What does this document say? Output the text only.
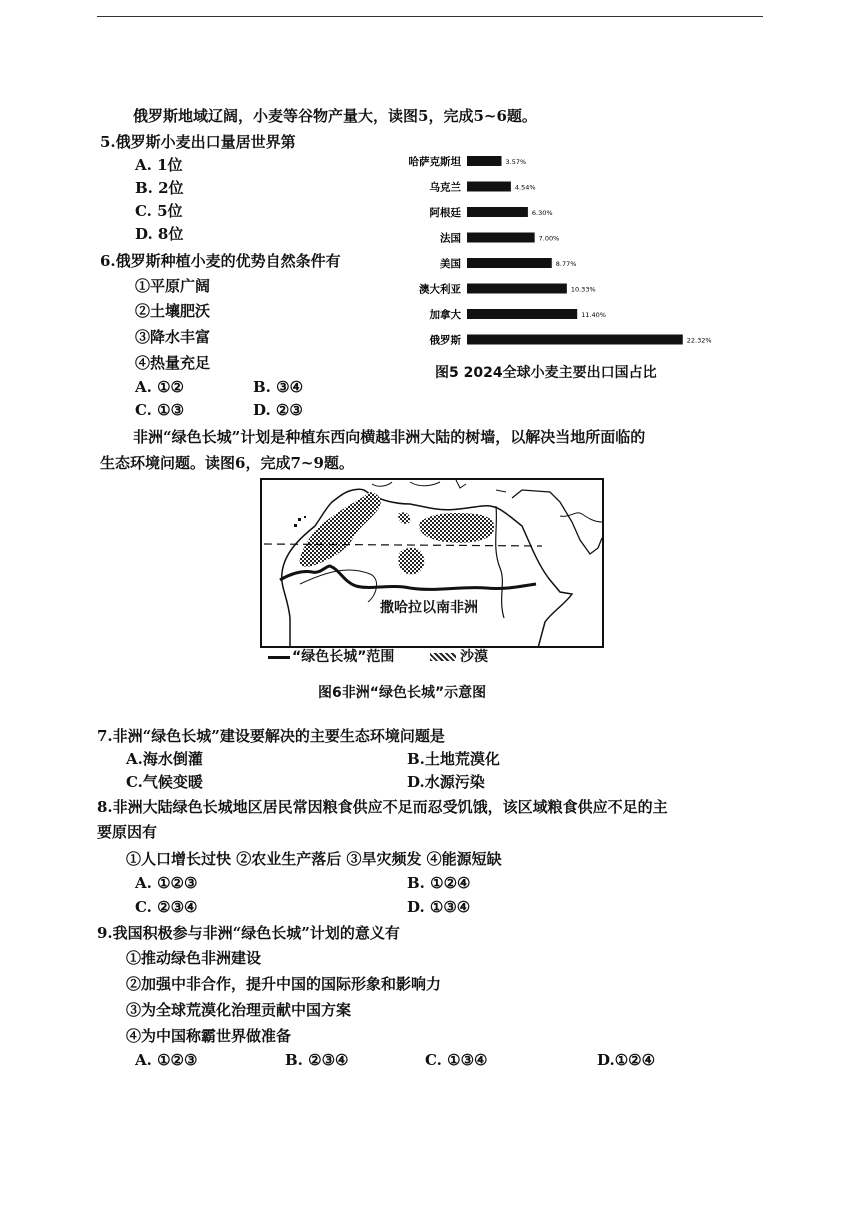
俄罗斯地域辽阔，小麦等谷物产量大，读图5，完成5~6题。
5.俄罗斯小麦出口量居世界第
A. 1位
B. 2位
C. 5位
D. 8位
6.俄罗斯种植小麦的优势自然条件有
①平原广阔
②土壤肥沃
③降水丰富
④热量充足
A. ①②	B. ③④
C. ①③	D. ②③
哈萨克斯坦	3.57%
乌克兰	4.54%
阿根廷	6.30%
法国	7.00%
美国	8.77%
澳大利亚	10.33%
加拿大	11.40%
俄罗斯	22.32%
图5 2024全球小麦主要出口国占比
非洲“绿色长城”计划是种植东西向横越非洲大陆的树墙，以解决当地所面临的
生态环境问题。读图6，完成7~9题。
撒哈拉以南非洲
“绿色长城”范围	沙漠
图6非洲“绿色长城”示意图
7.非洲“绿色长城”建设要解决的主要生态环境问题是
A.海水倒灌	B.土地荒漠化
C.气候变暖	D.水源污染
8.非洲大陆绿色长城地区居民常因粮食供应不足而忍受饥饿，该区域粮食供应不足的主
要原因有
①人口增长过快 ②农业生产落后 ③旱灾频发 ④能源短缺
A. ①②③	B. ①②④
C. ②③④	D. ①③④
9.我国积极参与非洲“绿色长城”计划的意义有
①推动绿色非洲建设
②加强中非合作，提升中国的国际形象和影响力
③为全球荒漠化治理贡献中国方案
④为中国称霸世界做准备
A. ①②③	B. ②③④	C. ①③④	D.①②④
